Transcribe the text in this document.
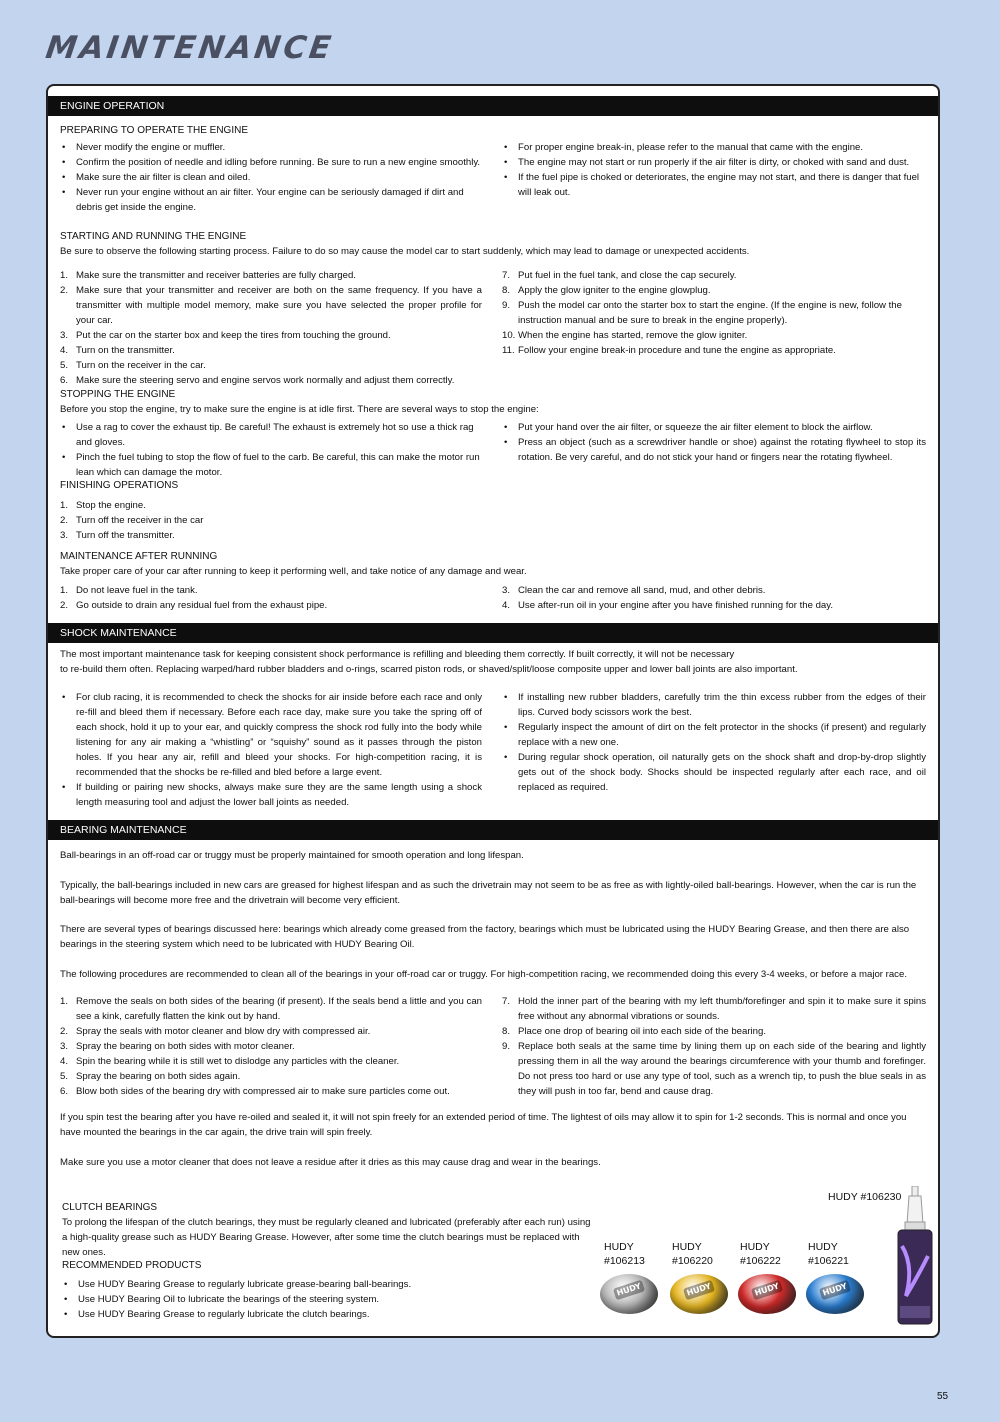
MAINTENANCE
ENGINE OPERATION
PREPARING TO OPERATE THE ENGINE
• Never modify the engine or muffler.
• Confirm the position of needle and idling before running. Be sure to run a new engine smoothly.
• Make sure the air filter is clean and oiled.
• Never run your engine without an air filter. Your engine can be seriously damaged if dirt and debris get inside the engine.
• For proper engine break-in, please refer to the manual that came with the engine.
• The engine may not start or run properly if the air filter is dirty, or choked with sand and dust.
• If the fuel pipe is choked or deteriorates, the engine may not start, and there is danger that fuel will leak out.
STARTING AND RUNNING THE ENGINE

Be sure to observe the following starting process. Failure to do so may cause the model car to start suddenly, which may lead to damage or unexpected accidents.

1. Make sure the transmitter and receiver batteries are fully charged.
2. Make sure that your transmitter and receiver are both on the same frequency. If you have a transmitter with multiple model memory, make sure you have selected the proper profile for your car.
3. Put the car on the starter box and keep the tires from touching the ground.
4. Turn on the transmitter.
5. Turn on the receiver in the car.
6. Make sure the steering servo and engine servos work normally and adjust them correctly.
7. Put fuel in the fuel tank, and close the cap securely.
8. Apply the glow igniter to the engine glowplug.
9. Push the model car onto the starter box to start the engine. (If the engine is new, follow the instruction manual and be sure to break in the engine properly).
10. When the engine has started, remove the glow igniter.
11. Follow your engine break-in procedure and tune the engine as appropriate.
STOPPING THE ENGINE

Before you stop the engine, try to make sure the engine is at idle first. There are several ways to stop the engine:

• Use a rag to cover the exhaust tip. Be careful! The exhaust is extremely hot so use a thick rag and gloves.
• Pinch the fuel tubing to stop the flow of fuel to the carb. Be careful, this can make the motor run lean which can damage the motor.
• Put your hand over the air filter, or squeeze the air filter element to block the airflow.
• Press an object (such as a screwdriver handle or shoe) against the rotating flywheel to stop its rotation. Be very careful, and do not stick your hand or fingers near the rotating flywheel.
FINISHING OPERATIONS
1. Stop the engine.
2. Turn off the receiver in the car
3. Turn off the transmitter.
MAINTENANCE AFTER RUNNING

Take proper care of your car after running to keep it performing well, and take notice of any damage and wear.

1. Do not leave fuel in the tank.
2. Go outside to drain any residual fuel from the exhaust pipe.
3. Clean the car and remove all sand, mud, and other debris.
4. Use after-run oil in your engine after you have finished running for the day.
SHOCK MAINTENANCE

The most important maintenance task for keeping consistent shock performance is refilling and bleeding them correctly. If built correctly, it will not be necessary

to re-build them often. Replacing warped/hard rubber bladders and o-rings, scarred piston rods, or shaved/split/loose composite upper and lower ball joints are also important.

• For club racing, it is recommended to check the shocks for air inside before each race and only re-fill and bleed them if necessary. Before each race day, make sure you take the spring off of each shock, hold it up to your ear, and quickly compress the shock rod fully into the body while listening for any air making a “whistling” or “squishy” sound as it passes through the piston holes. If you hear any air, refill and bleed your shocks. For high-competition racing, it is recommended that the shocks be re-filled and bled before a large event.
• If building or pairing new shocks, always make sure they are the same length using a shock length measuring tool and adjust the lower ball joints as needed.
• If installing new rubber bladders, carefully trim the thin excess rubber from the edges of their lips. Curved body scissors work the best.
• Regularly inspect the amount of dirt on the felt protector in the shocks (if present) and regularly replace with a new one.
• During regular shock operation, oil naturally gets on the shock shaft and drop-by-drop slightly gets out of the shock body. Shocks should be inspected regularly after each race, and oil replaced as required.
BEARING MAINTENANCE

Ball-bearings in an off-road car or truggy must be properly maintained for smooth operation and long lifespan.

Typically, the ball-bearings included in new cars are greased for highest lifespan and as such the drivetrain may not seem to be as free as with lightly-oiled ball-bearings. However, when the car is run the ball-bearings will become more free and the drivetrain will become very efficient.

There are several types of bearings discussed here: bearings which already come greased from the factory, bearings which must be lubricated using the HUDY Bearing Grease, and then there are also bearings in the steering system which need to be lubricated with HUDY Bearing Oil.

The following procedures are recommended to clean all of the bearings in your off-road car or truggy. For high-competition racing, we recommended doing this every 3-4 weeks, or before a major race.

1. Remove the seals on both sides of the bearing (if present). If the seals bend a little and you can see a kink, carefully flatten the kink out by hand.
2. Spray the seals with motor cleaner and blow dry with compressed air.
3. Spray the bearing on both sides with motor cleaner.
4. Spin the bearing while it is still wet to dislodge any particles with the cleaner.
5. Spray the bearing on both sides again.
6. Blow both sides of the bearing dry with compressed air to make sure particles come out.
7. Hold the inner part of the bearing with my left thumb/forefinger and spin it to make sure it spins free without any abnormal vibrations or sounds.
8. Place one drop of bearing oil into each side of the bearing.
9. Replace both seals at the same time by lining them up on each side of the bearing and lightly pressing them in all the way around the bearings circumference with your thumb and forefinger. Do not press too hard or use any type of tool, such as a wrench tip, to push the blue seals in as they will push in too far, bend and cause drag.

If you spin test the bearing after you have re-oiled and sealed it, it will not spin freely for an extended period of time. The lightest of oils may allow it to spin for 1-2 seconds. This is normal and once you have mounted the bearings in the car again, the drive train will spin freely.

Make sure you use a motor cleaner that does not leave a residue after it dries as this may cause drag and wear in the bearings.

CLUTCH BEARINGS

To prolong the lifespan of the clutch bearings, they must be regularly cleaned and lubricated (preferably after each run) using a high-quality grease such as HUDY Bearing Grease. However, after some time the clutch bearings must be replaced with new ones.

RECOMMENDED PRODUCTS
• Use HUDY Bearing Grease to regularly lubricate grease-bearing ball-bearings.
• Use HUDY Bearing Oil to lubricate the bearings of the steering system.
• Use HUDY Bearing Grease to regularly lubricate the clutch bearings.
HUDY #106230
HUDY
#106213
HUDY
#106220
HUDY
#106222
HUDY
#106221
HUDY	HUDY	HUDY	HUDY
55
